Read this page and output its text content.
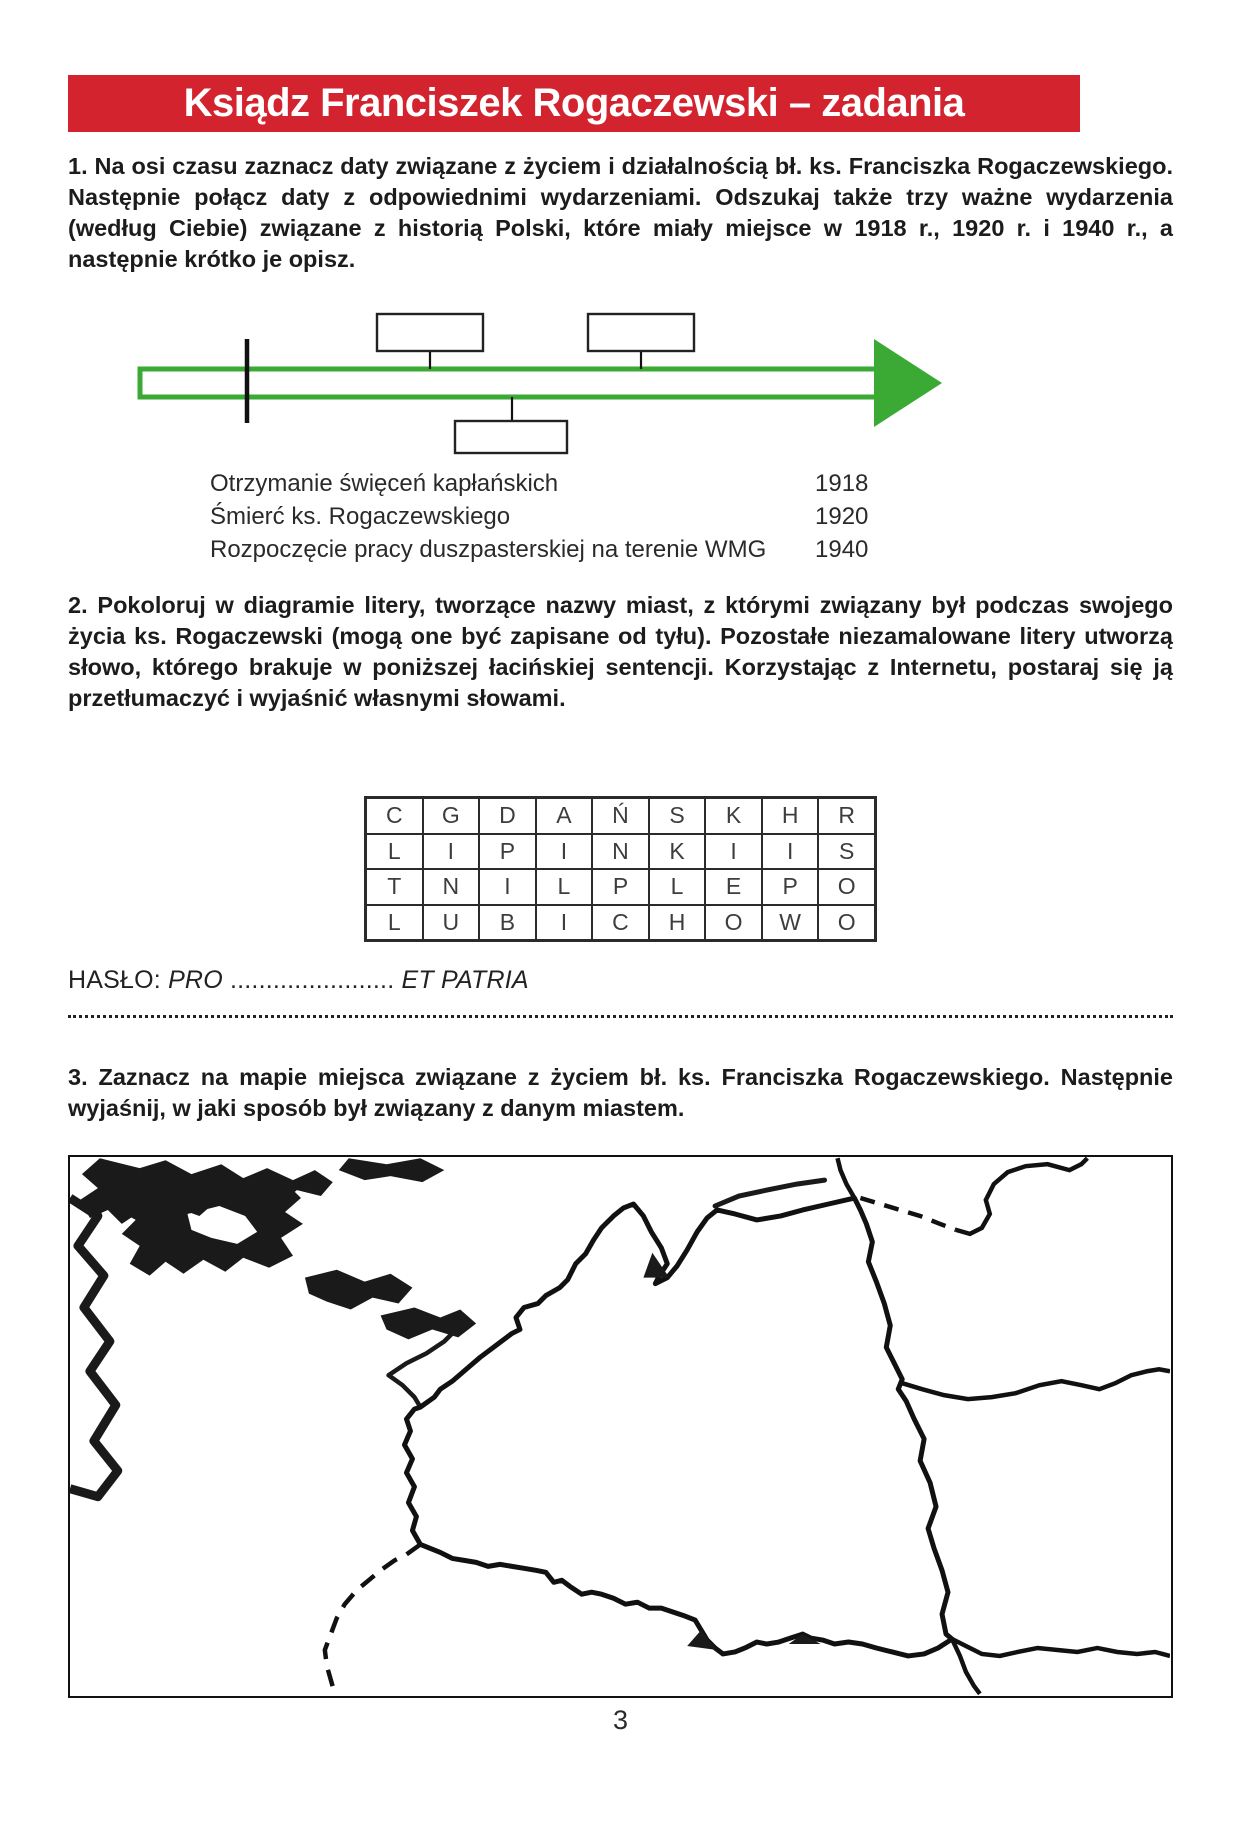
Ksiądz Franciszek Rogaczewski – zadania

1. Na osi czasu zaznacz daty związane z życiem i działalnością bł. ks. Franciszka Rogaczewskiego. Następnie połącz daty z odpowiednimi wydarzeniami. Odszukaj także trzy ważne wydarzenia (według Ciebie) związane z historią Polski, które miały miejsce w 1918 r., 1920 r. i 1940 r., a następnie krótko je opisz.

Otrzymanie święceń kapłańskich	1918
Śmierć ks. Rogaczewskiego	1920
Rozpoczęcie pracy duszpasterskiej na terenie WMG	1940

2. Pokoloruj w diagramie litery, tworzące nazwy miast, z którymi związany był podczas swojego życia ks. Rogaczewski (mogą one być zapisane od tyłu). Pozostałe niezamalowane litery utworzą słowo, którego brakuje w poniższej łacińskiej sentencji. Korzystając z Internetu, postaraj się ją przetłumaczyć i wyjaśnić własnymi słowami.

C	G	D	A	Ń	S	K	H	R
L	I	P	I	N	K	I	I	S
T	N	I	L	P	L	E	P	O
L	U	B	I	C	H	O	W	O

HASŁO: PRO ....................... ET PATRIA

3. Zaznacz na mapie miejsca związane z życiem bł. ks. Franciszka Rogaczewskiego. Następnie wyjaśnij, w jaki sposób był związany z danym miastem.

3
